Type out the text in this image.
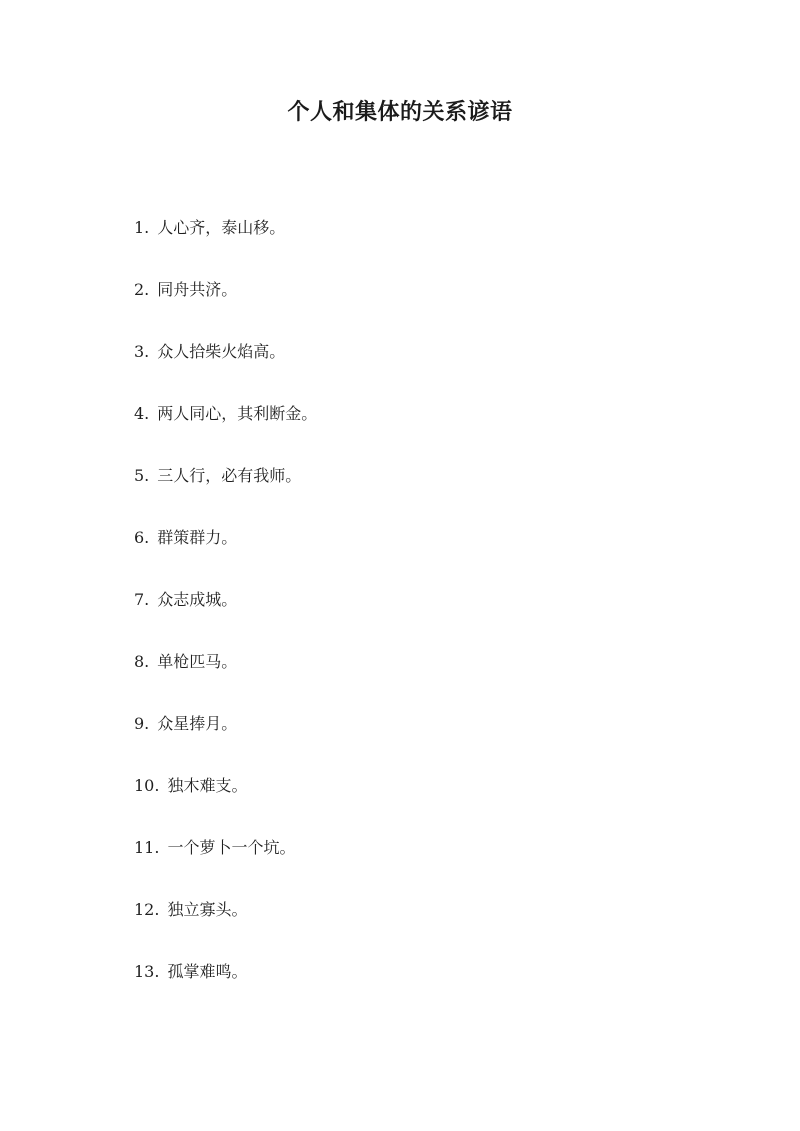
个人和集体的关系谚语
1. 人心齐，泰山移。
2. 同舟共济。
3. 众人拾柴火焰高。
4. 两人同心，其利断金。
5. 三人行，必有我师。
6. 群策群力。
7. 众志成城。
8. 单枪匹马。
9. 众星捧月。
10. 独木难支。
11. 一个萝卜一个坑。
12. 独立寡头。
13. 孤掌难鸣。
